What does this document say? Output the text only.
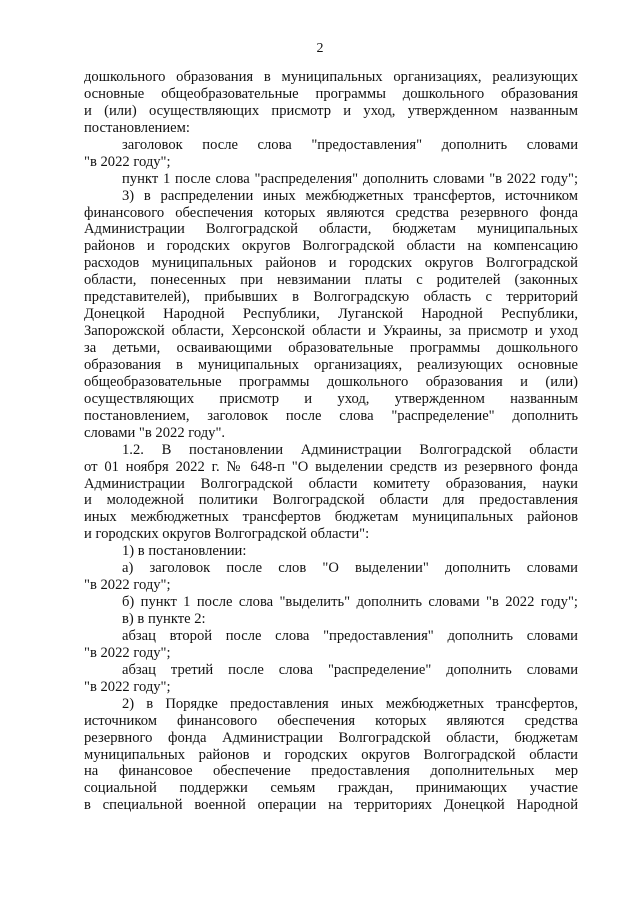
2
дошкольного образования в муниципальных организациях, реализующих
основные общеобразовательные программы дошкольного образования
и (или) осуществляющих присмотр и уход, утвержденном названным
постановлением:
заголовок после слова "предоставления" дополнить словами
"в 2022 году";
пункт 1 после слова "распределения" дополнить словами "в 2022 году";
3) в распределении иных межбюджетных трансфертов, источником
финансового обеспечения которых являются средства резервного фонда
Администрации Волгоградской области, бюджетам муниципальных
районов и городских округов Волгоградской области на компенсацию
расходов муниципальных районов и городских округов Волгоградской
области, понесенных при невзимании платы с родителей (законных
представителей), прибывших в Волгоградскую область с территорий
Донецкой Народной Республики, Луганской Народной Республики,
Запорожской области, Херсонской области и Украины, за присмотр и уход
за детьми, осваивающими образовательные программы дошкольного
образования в муниципальных организациях, реализующих основные
общеобразовательные программы дошкольного образования и (или)
осуществляющих присмотр и уход, утвержденном названным
постановлением, заголовок после слова "распределение" дополнить
словами "в 2022 году".
1.2. В постановлении Администрации Волгоградской области
от 01 ноября 2022 г. № 648-п "О выделении средств из резервного фонда
Администрации Волгоградской области комитету образования, науки
и молодежной политики Волгоградской области для предоставления
иных межбюджетных трансфертов бюджетам муниципальных районов
и городских округов Волгоградской области":
1) в постановлении:
а) заголовок после слов "О выделении" дополнить словами
"в 2022 году";
б) пункт 1 после слова "выделить" дополнить словами "в 2022 году";
в) в пункте 2:
абзац второй после слова "предоставления" дополнить словами
"в 2022 году";
абзац третий после слова "распределение" дополнить словами
"в 2022 году";
2) в Порядке предоставления иных межбюджетных трансфертов,
источником финансового обеспечения которых являются средства
резервного фонда Администрации Волгоградской области, бюджетам
муниципальных районов и городских округов Волгоградской области
на финансовое обеспечение предоставления дополнительных мер
социальной поддержки семьям граждан, принимающих участие
в специальной военной операции на территориях Донецкой Народной
